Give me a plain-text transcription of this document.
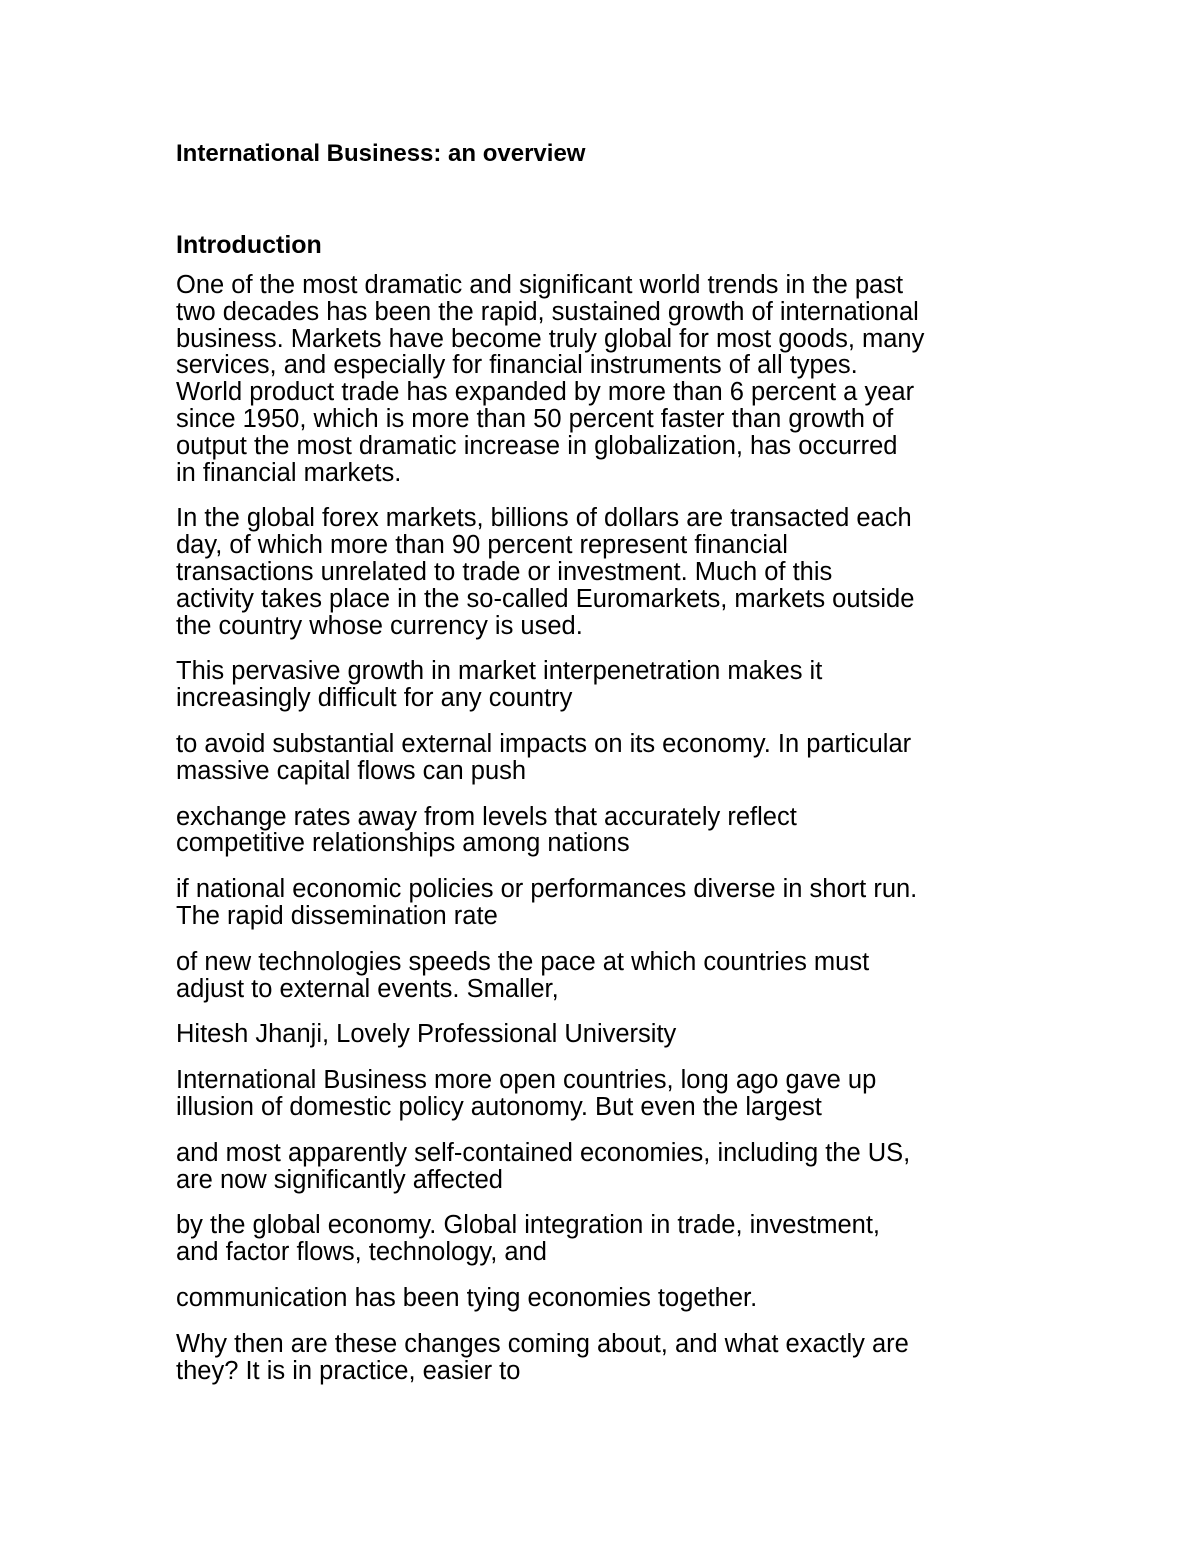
International Business: an overview
Introduction

One of the most dramatic and significant world trends in the past
two decades has been the rapid, sustained growth of international
business. Markets have become truly global for most goods, many
services, and especially for financial instruments of all types.
World product trade has expanded by more than 6 percent a year
since 1950, which is more than 50 percent faster than growth of
output the most dramatic increase in globalization, has occurred
in financial markets.

In the global forex markets, billions of dollars are transacted each
day, of which more than 90 percent represent financial
transactions unrelated to trade or investment. Much of this
activity takes place in the so-called Euromarkets, markets outside
the country whose currency is used.

This pervasive growth in market interpenetration makes it
increasingly difficult for any country

to avoid substantial external impacts on its economy. In particular
massive capital flows can push

exchange rates away from levels that accurately reflect
competitive relationships among nations

if national economic policies or performances diverse in short run.
The rapid dissemination rate

of new technologies speeds the pace at which countries must
adjust to external events. Smaller,

Hitesh Jhanji, Lovely Professional University

International Business more open countries, long ago gave up
illusion of domestic policy autonomy. But even the largest

and most apparently self-contained economies, including the US,
are now significantly affected

by the global economy. Global integration in trade, investment,
and factor flows, technology, and

communication has been tying economies together.

Why then are these changes coming about, and what exactly are
they? It is in practice, easier to
